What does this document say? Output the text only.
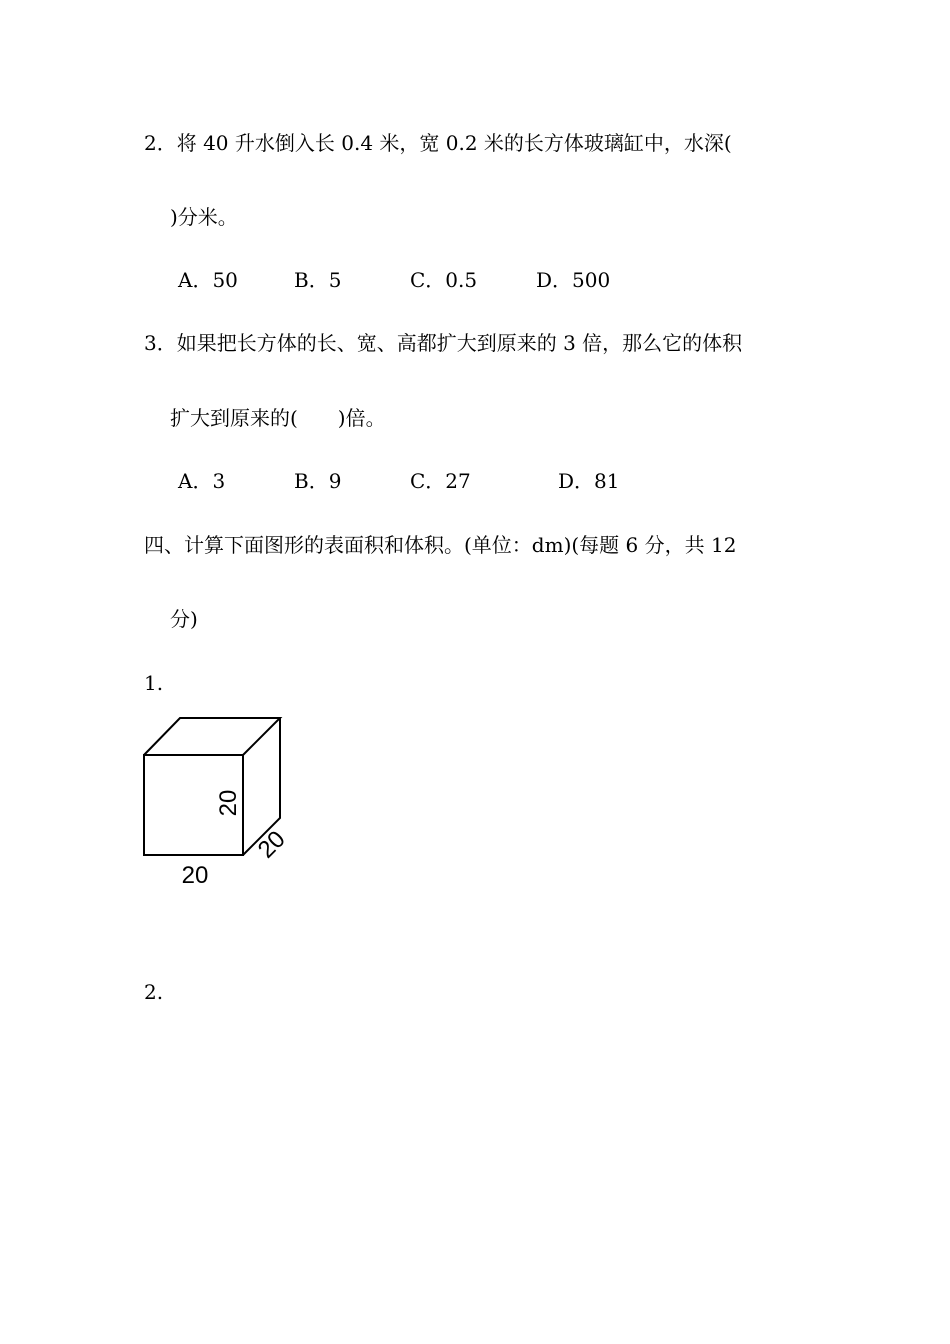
2．将 40 升水倒入长 0.4 米，宽 0.2 米的长方体玻璃缸中，水深(
)分米。
A．50	B．5	C．0.5	D．500
3．如果把长方体的长、宽、高都扩大到原来的 3 倍，那么它的体积
扩大到原来的(　　)倍。
A．3	B．9	C．27	D．81
四、计算下面图形的表面积和体积。(单位：dm)(每题 6 分，共 12
分)
1.
20
20
20
2.
